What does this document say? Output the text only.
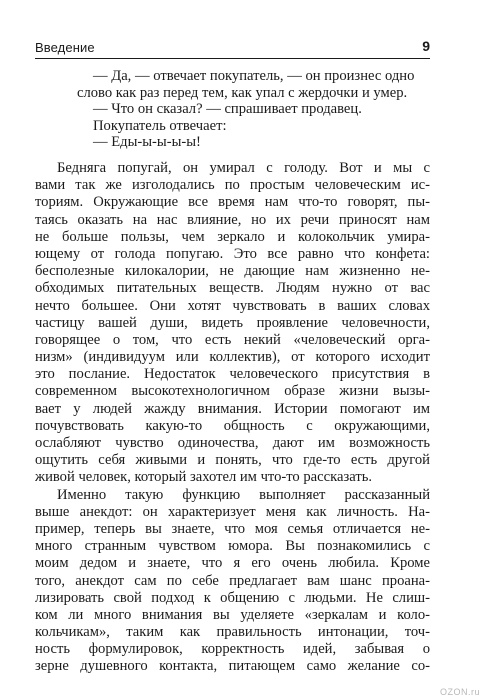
Введение	9
— Да, — отвечает покупатель, — он произнес одно
слово как раз перед тем, как упал с жердочки и умер.
— Что он сказал? — спрашивает продавец.
Покупатель отвечает:
— Еды-ы-ы-ы-ы!
Бедняга попугай, он умирал с голоду. Вот и мы с
вами так же изголодались по простым человеческим ис-
ториям. Окружающие все время нам что-то говорят, пы-
таясь оказать на нас влияние, но их речи приносят нам
не больше пользы, чем зеркало и колокольчик умира-
ющему от голода попугаю. Это все равно что конфета:
бесполезные килокалории, не дающие нам жизненно не-
обходимых питательных веществ. Людям нужно от вас
нечто большее. Они хотят чувствовать в ваших словах
частицу вашей души, видеть проявление человечности,
говорящее о том, что есть некий «человеческий орга-
низм» (индивидуум или коллектив), от которого исходит
это послание. Недостаток человеческого присутствия в
современном высокотехнологичном образе жизни вызы-
вает у людей жажду внимания. Истории помогают им
почувствовать какую-то общность с окружающими,
ослабляют чувство одиночества, дают им возможность
ощутить себя живыми и понять, что где-то есть другой
живой человек, который захотел им что-то рассказать.
Именно такую функцию выполняет рассказанный
выше анекдот: он характеризует меня как личность. На-
пример, теперь вы знаете, что моя семья отличается не-
много странным чувством юмора. Вы познакомились с
моим дедом и знаете, что я его очень любила. Кроме
того, анекдот сам по себе предлагает вам шанс проана-
лизировать свой подход к общению с людьми. Не слиш-
ком ли много внимания вы уделяете «зеркалам и коло-
кольчикам», таким как правильность интонации, точ-
ность формулировок, корректность идей, забывая о
зерне душевного контакта, питающем само желание со-
OZON.ru
